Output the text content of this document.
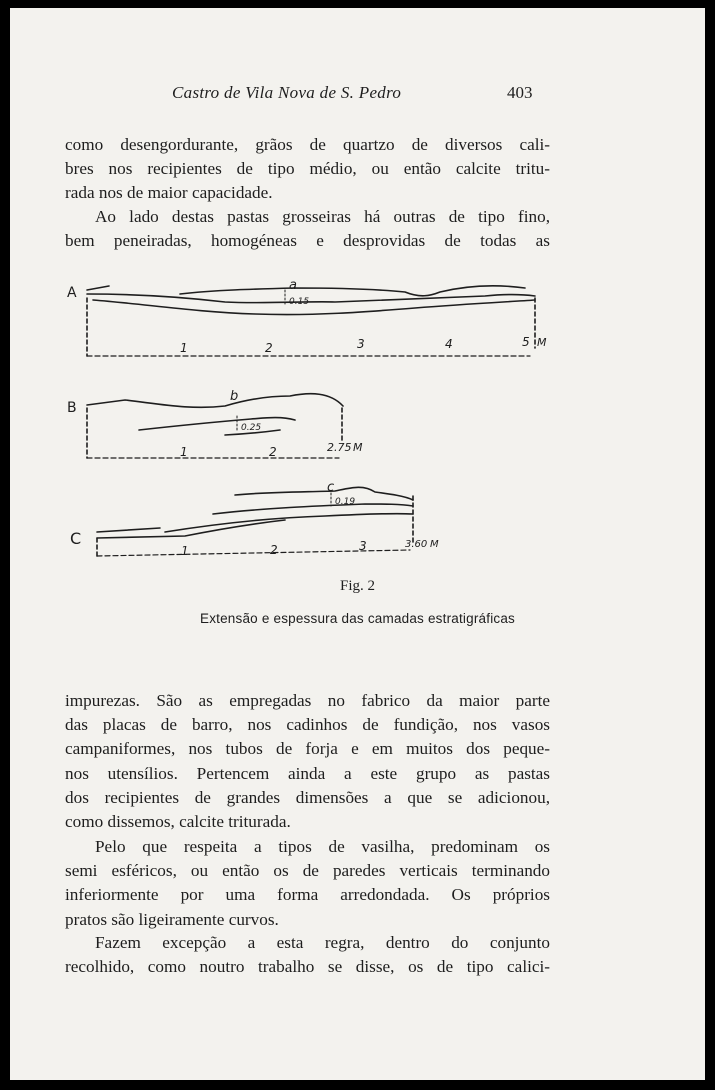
Castro de Vila Nova de S. Pedro	403

como desengordurante, grãos de quartzo de diversos cali-
bres nos recipientes de tipo médio, ou então calcite tritu-
rada nos de maior capacidade.

Ao lado destas pastas grosseiras há outras de tipo fino,
bem peneiradas, homogéneas e desprovidas de todas as

A	a
0.15
1	2	3	4	5 M
B
b
0.25
1	2	2.75 M
C
c
0.19
1	2	3	3.60 M
Fig. 2
Extensão e espessura das camadas estratigráficas

impurezas. São as empregadas no fabrico da maior parte
das placas de barro, nos cadinhos de fundição, nos vasos
campaniformes, nos tubos de forja e em muitos dos peque-
nos utensílios. Pertencem ainda a este grupo as pastas
dos recipientes de grandes dimensões a que se adicionou,
como dissemos, calcite triturada.

Pelo que respeita a tipos de vasilha, predominam os
semi esféricos, ou então os de paredes verticais terminando
inferiormente por uma forma arredondada. Os próprios
pratos são ligeiramente curvos.

Fazem excepção a esta regra, dentro do conjunto
recolhido, como noutro trabalho se disse, os de tipo calici-
